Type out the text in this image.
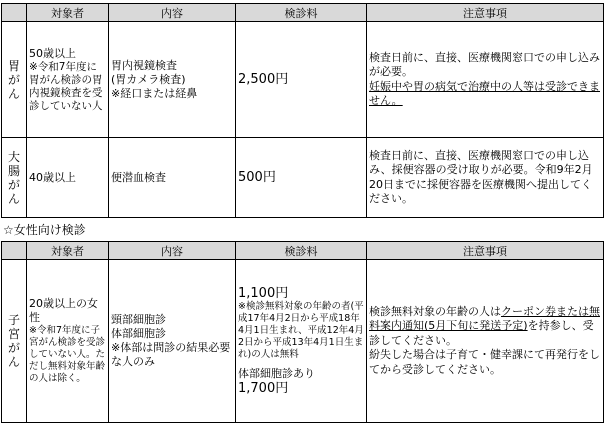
	対象者	内容	検診料	注意事項

胃
が
ん	50歳以上
※令和7年度に胃がん検診の胃内視鏡検査を受診していない人	胃内視鏡検査
(胃カメラ検査)
※経口または経鼻	2,500円	検査日前に、直接、医療機関窓口での申し込みが必要。
妊娠中や胃の病気で治療中の人等は受診できません。

大
腸
が
ん	40歳以上	便潜血検査	500円	検査日前に、直接、医療機関窓口での申し込み、採便容器の受け取りが必要。令和9年2月20日までに採便容器を医療機関へ提出してください。
☆女性向け検診
	対象者	内容	検診料	注意事項

子
宮
が
ん	20歳以上の女性
※令和7年度に子宮がん検診を受診していない人。ただし無料対象年齢の人は除く。	頸部細胞診
体部細胞診
※体部は問診の結果必要な人のみ	1,100円
※検診無料対象の年齢の者(平成17年4月2日から平成18年4月1日生まれ、平成12年4月2日から平成13年4月1日生まれ)の人は無料
体部細胞診あり
1,700円	検診無料対象の年齢の人はクーポン券または無料案内通知(5月下旬に発送予定)を持参し、受診してください。
紛失した場合は子育て・健幸課にて再発行をしてから受診してください。
